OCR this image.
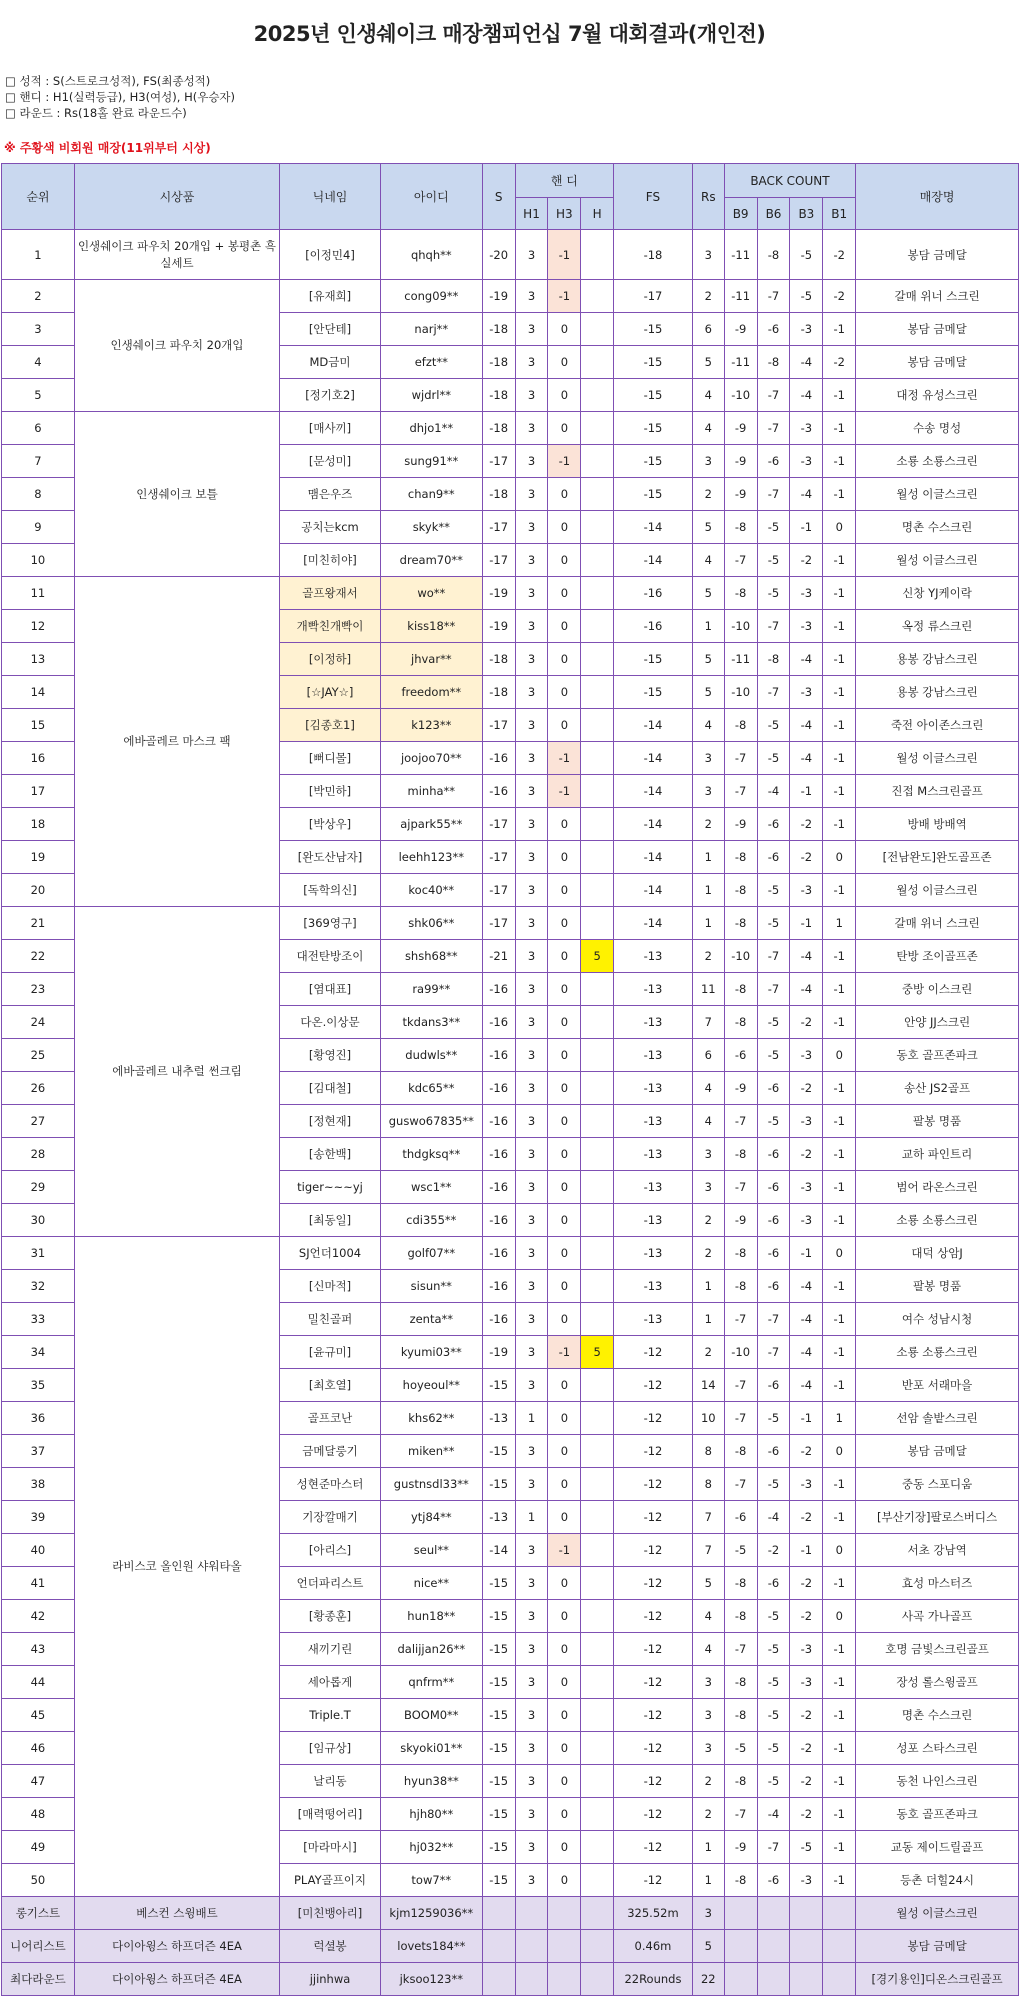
2025년 인생쉐이크 매장챔피언십 7월 대회결과(개인전)
□ 성적 : S(스트로크성적), FS(최종성적)
□ 핸디 : H1(실력등급), H3(여성), H(우승자)
□ 라운드 : Rs(18홀 완료 라운드수)
※ 주황색 비회원 매장(11위부터 시상)
순위	시상품	닉네임	아이디	S	핸 디			FS	Rs	BACK COUNT				매장명
					H1	H3	H			B9	B6	B3	B1	
1	인생쉐이크 파우치 20개입 + 봉평촌 흑실세트	[이정민4]	qhqh**	-20	3	-1		-18	3	-11	-8	-5	-2	봉담 금메달
2	인생쉐이크 파우치 20개입	[유재희]	cong09**	-19	3	-1		-17	2	-11	-7	-5	-2	갈매 위너 스크린
3		[안단테]	narj**	-18	3	0		-15	6	-9	-6	-3	-1	봉담 금메달
4		MD금미	efzt**	-18	3	0		-15	5	-11	-8	-4	-2	봉담 금메달
5		[정기호2]	wjdrl**	-18	3	0		-15	4	-10	-7	-4	-1	대정 유성스크린
6	인생쉐이크 보틀	[매사끼]	dhjo1**	-18	3	0		-15	4	-9	-7	-3	-1	수송 명성
7		[문성미]	sung91**	-17	3	-1		-15	3	-9	-6	-3	-1	소룡 소룡스크린
8		맴은우즈	chan9**	-18	3	0		-15	2	-9	-7	-4	-1	월성 이글스크린
9		공치는kcm	skyk**	-17	3	0		-14	5	-8	-5	-1	0	명촌 수스크린
10		[미친히야]	dream70**	-17	3	0		-14	4	-7	-5	-2	-1	월성 이글스크린
11	에바골레르 마스크 팩	골프왕재서	wo**	-19	3	0		-16	5	-8	-5	-3	-1	신창 YJ케이락
12		개빡친개빡이	kiss18**	-19	3	0		-16	1	-10	-7	-3	-1	옥정 류스크린
13		[이정하]	jhvar**	-18	3	0		-15	5	-11	-8	-4	-1	용봉 강남스크린
14		[☆JAY☆]	freedom**	-18	3	0		-15	5	-10	-7	-3	-1	용봉 강남스크린
15		[김종호1]	k123**	-17	3	0		-14	4	-8	-5	-4	-1	죽전 아이존스크린
16		[뻐디몰]	joojoo70**	-16	3	-1		-14	3	-7	-5	-4	-1	월성 이글스크린
17		[박민하]	minha**	-16	3	-1		-14	3	-7	-4	-1	-1	진접 M스크린골프
18		[박상우]	ajpark55**	-17	3	0		-14	2	-9	-6	-2	-1	방배 방배역
19		[완도산남자]	leehh123**	-17	3	0		-14	1	-8	-6	-2	0	[전남완도]완도골프존
20		[독학의신]	koc40**	-17	3	0		-14	1	-8	-5	-3	-1	월성 이글스크린
21	에바골레르 내추럴 썬크림	[369영구]	shk06**	-17	3	0		-14	1	-8	-5	-1	1	갈매 위너 스크린
22		대전탄방조이	shsh68**	-21	3	0	5	-13	2	-10	-7	-4	-1	탄방 조이골프존
23		[염대표]	ra99**	-16	3	0		-13	11	-8	-7	-4	-1	중방 이스크린
24		다온.이상문	tkdans3**	-16	3	0		-13	7	-8	-5	-2	-1	안양 JJ스크린
25		[황영진]	dudwls**	-16	3	0		-13	6	-6	-5	-3	0	동호 골프존파크
26		[김대철]	kdc65**	-16	3	0		-13	4	-9	-6	-2	-1	송산 JS2골프
27		[정현재]	guswo67835**	-16	3	0		-13	4	-7	-5	-3	-1	팔봉 명품
28		[송한백]	thdgksq**	-16	3	0		-13	3	-8	-6	-2	-1	교하 파인트리
29		tiger~~~yj	wsc1**	-16	3	0		-13	3	-7	-6	-3	-1	범어 라온스크린
30		[최동일]	cdi355**	-16	3	0		-13	2	-9	-6	-3	-1	소룡 소룡스크린
31	라비스코 올인원 샤워타올	SJ언더1004	golf07**	-16	3	0		-13	2	-8	-6	-1	0	대덕 상암J
32		[신마적]	sisun**	-16	3	0		-13	1	-8	-6	-4	-1	팔봉 명품
33		밀친골퍼	zenta**	-16	3	0		-13	1	-7	-7	-4	-1	여수 성남시청
34		[윤규미]	kyumi03**	-19	3	-1	5	-12	2	-10	-7	-4	-1	소룡 소룡스크린
35		[최호열]	hoyeoul**	-15	3	0		-12	14	-7	-6	-4	-1	반포 서래마을
36		골프코난	khs62**	-13	1	0		-12	10	-7	-5	-1	1	선암 솔밭스크린
37		금메달룽기	miken**	-15	3	0		-12	8	-8	-6	-2	0	봉담 금메달
38		성현준마스터	gustnsdl33**	-15	3	0		-12	8	-7	-5	-3	-1	중동 스포디움
39		기장깔매기	ytj84**	-13	1	0		-12	7	-6	-4	-2	-1	[부산기장]팔로스버디스
40		[아리스]	seul**	-14	3	-1		-12	7	-5	-2	-1	0	서초 강남역
41		언더파리스트	nice**	-15	3	0		-12	5	-8	-6	-2	-1	효성 마스터즈
42		[황종훈]	hun18**	-15	3	0		-12	4	-8	-5	-2	0	사곡 가나골프
43		새끼기린	dalijjan26**	-15	3	0		-12	4	-7	-5	-3	-1	호명 금빛스크린골프
44		세아롭게	qnfrm**	-15	3	0		-12	3	-8	-5	-3	-1	장성 롤스윙골프
45		Triple.T	BOOM0**	-15	3	0		-12	3	-8	-5	-2	-1	명촌 수스크린
46		[임규상]	skyoki01**	-15	3	0		-12	3	-5	-5	-2	-1	성포 스타스크린
47		날리동	hyun38**	-15	3	0		-12	2	-8	-5	-2	-1	동천 나인스크린
48		[매력떵어리]	hjh80**	-15	3	0		-12	2	-7	-4	-2	-1	동호 골프존파크
49		[마라마시]	hj032**	-15	3	0		-12	1	-9	-7	-5	-1	교동 제이드릴골프
50		PLAY골프이지	tow7**	-15	3	0		-12	1	-8	-6	-3	-1	등촌 더힐24시
롱기스트	베스컨 스윙배트	[미친뱅아리]	kjm1259036**					325.52m	3					월성 이글스크린
니어리스트	다이아윙스 하프더즌 4EA	럭셜봉	lovets184**					0.46m	5					봉담 금메달
최다라운드	다이아윙스 하프더즌 4EA	jjinhwa	jksoo123**					22Rounds	22					[경기용인]디온스크린골프
